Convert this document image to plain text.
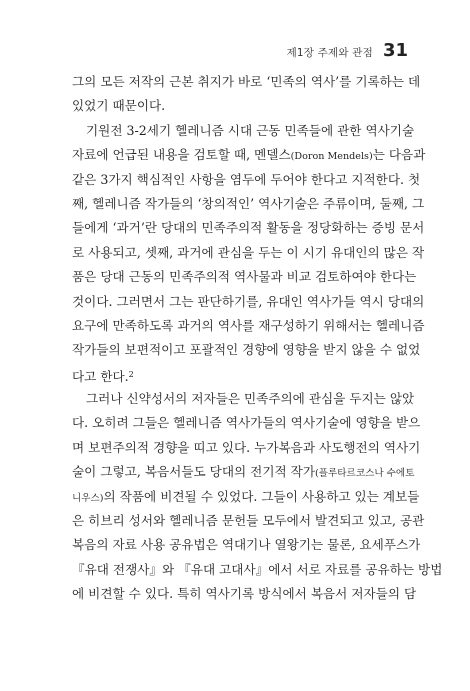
제1장 주제와 관점 31
그의 모든 저작의 근본 취지가 바로 ‘민족의 역사’를 기록하는 데
있었기 때문이다.
기원전 3-2세기 헬레니즘 시대 근동 민족들에 관한 역사기술
자료에 언급된 내용을 검토할 때, 멘델스(Doron Mendels)는 다음과
같은 3가지 핵심적인 사항을 염두에 두어야 한다고 지적한다. 첫
째, 헬레니즘 작가들의 ‘창의적인’ 역사기술은 주류이며, 둘째, 그
들에게 ‘과거’란 당대의 민족주의적 활동을 정당화하는 증빙 문서
로 사용되고, 셋째, 과거에 관심을 두는 이 시기 유대인의 많은 작
품은 당대 근동의 민족주의적 역사물과 비교 검토하여야 한다는
것이다. 그러면서 그는 판단하기를, 유대인 역사가들 역시 당대의
요구에 만족하도록 과거의 역사를 재구성하기 위해서는 헬레니즘
작가들의 보편적이고 포괄적인 경향에 영향을 받지 않을 수 없었
다고 한다.$^2$
그러나 신약성서의 저자들은 민족주의에 관심을 두지는 않았
다. 오히려 그들은 헬레니즘 역사가들의 역사기술에 영향을 받으
며 보편주의적 경향을 띠고 있다. 누가복음과 사도행전의 역사기
술이 그렇고, 복음서들도 당대의 전기적 작가(플루타르코스나 수에토
니우스)의 작품에 비견될 수 있었다. 그들이 사용하고 있는 계보들
은 히브리 성서와 헬레니즘 문헌들 모두에서 발견되고 있고, 공관
복음의 자료 사용 공유법은 역대기나 열왕기는 물론, 요세푸스가
『유대 전쟁사』와 『유대 고대사』에서 서로 자료를 공유하는 방법
에 비견할 수 있다. 특히 역사기록 방식에서 복음서 저자들의 담
